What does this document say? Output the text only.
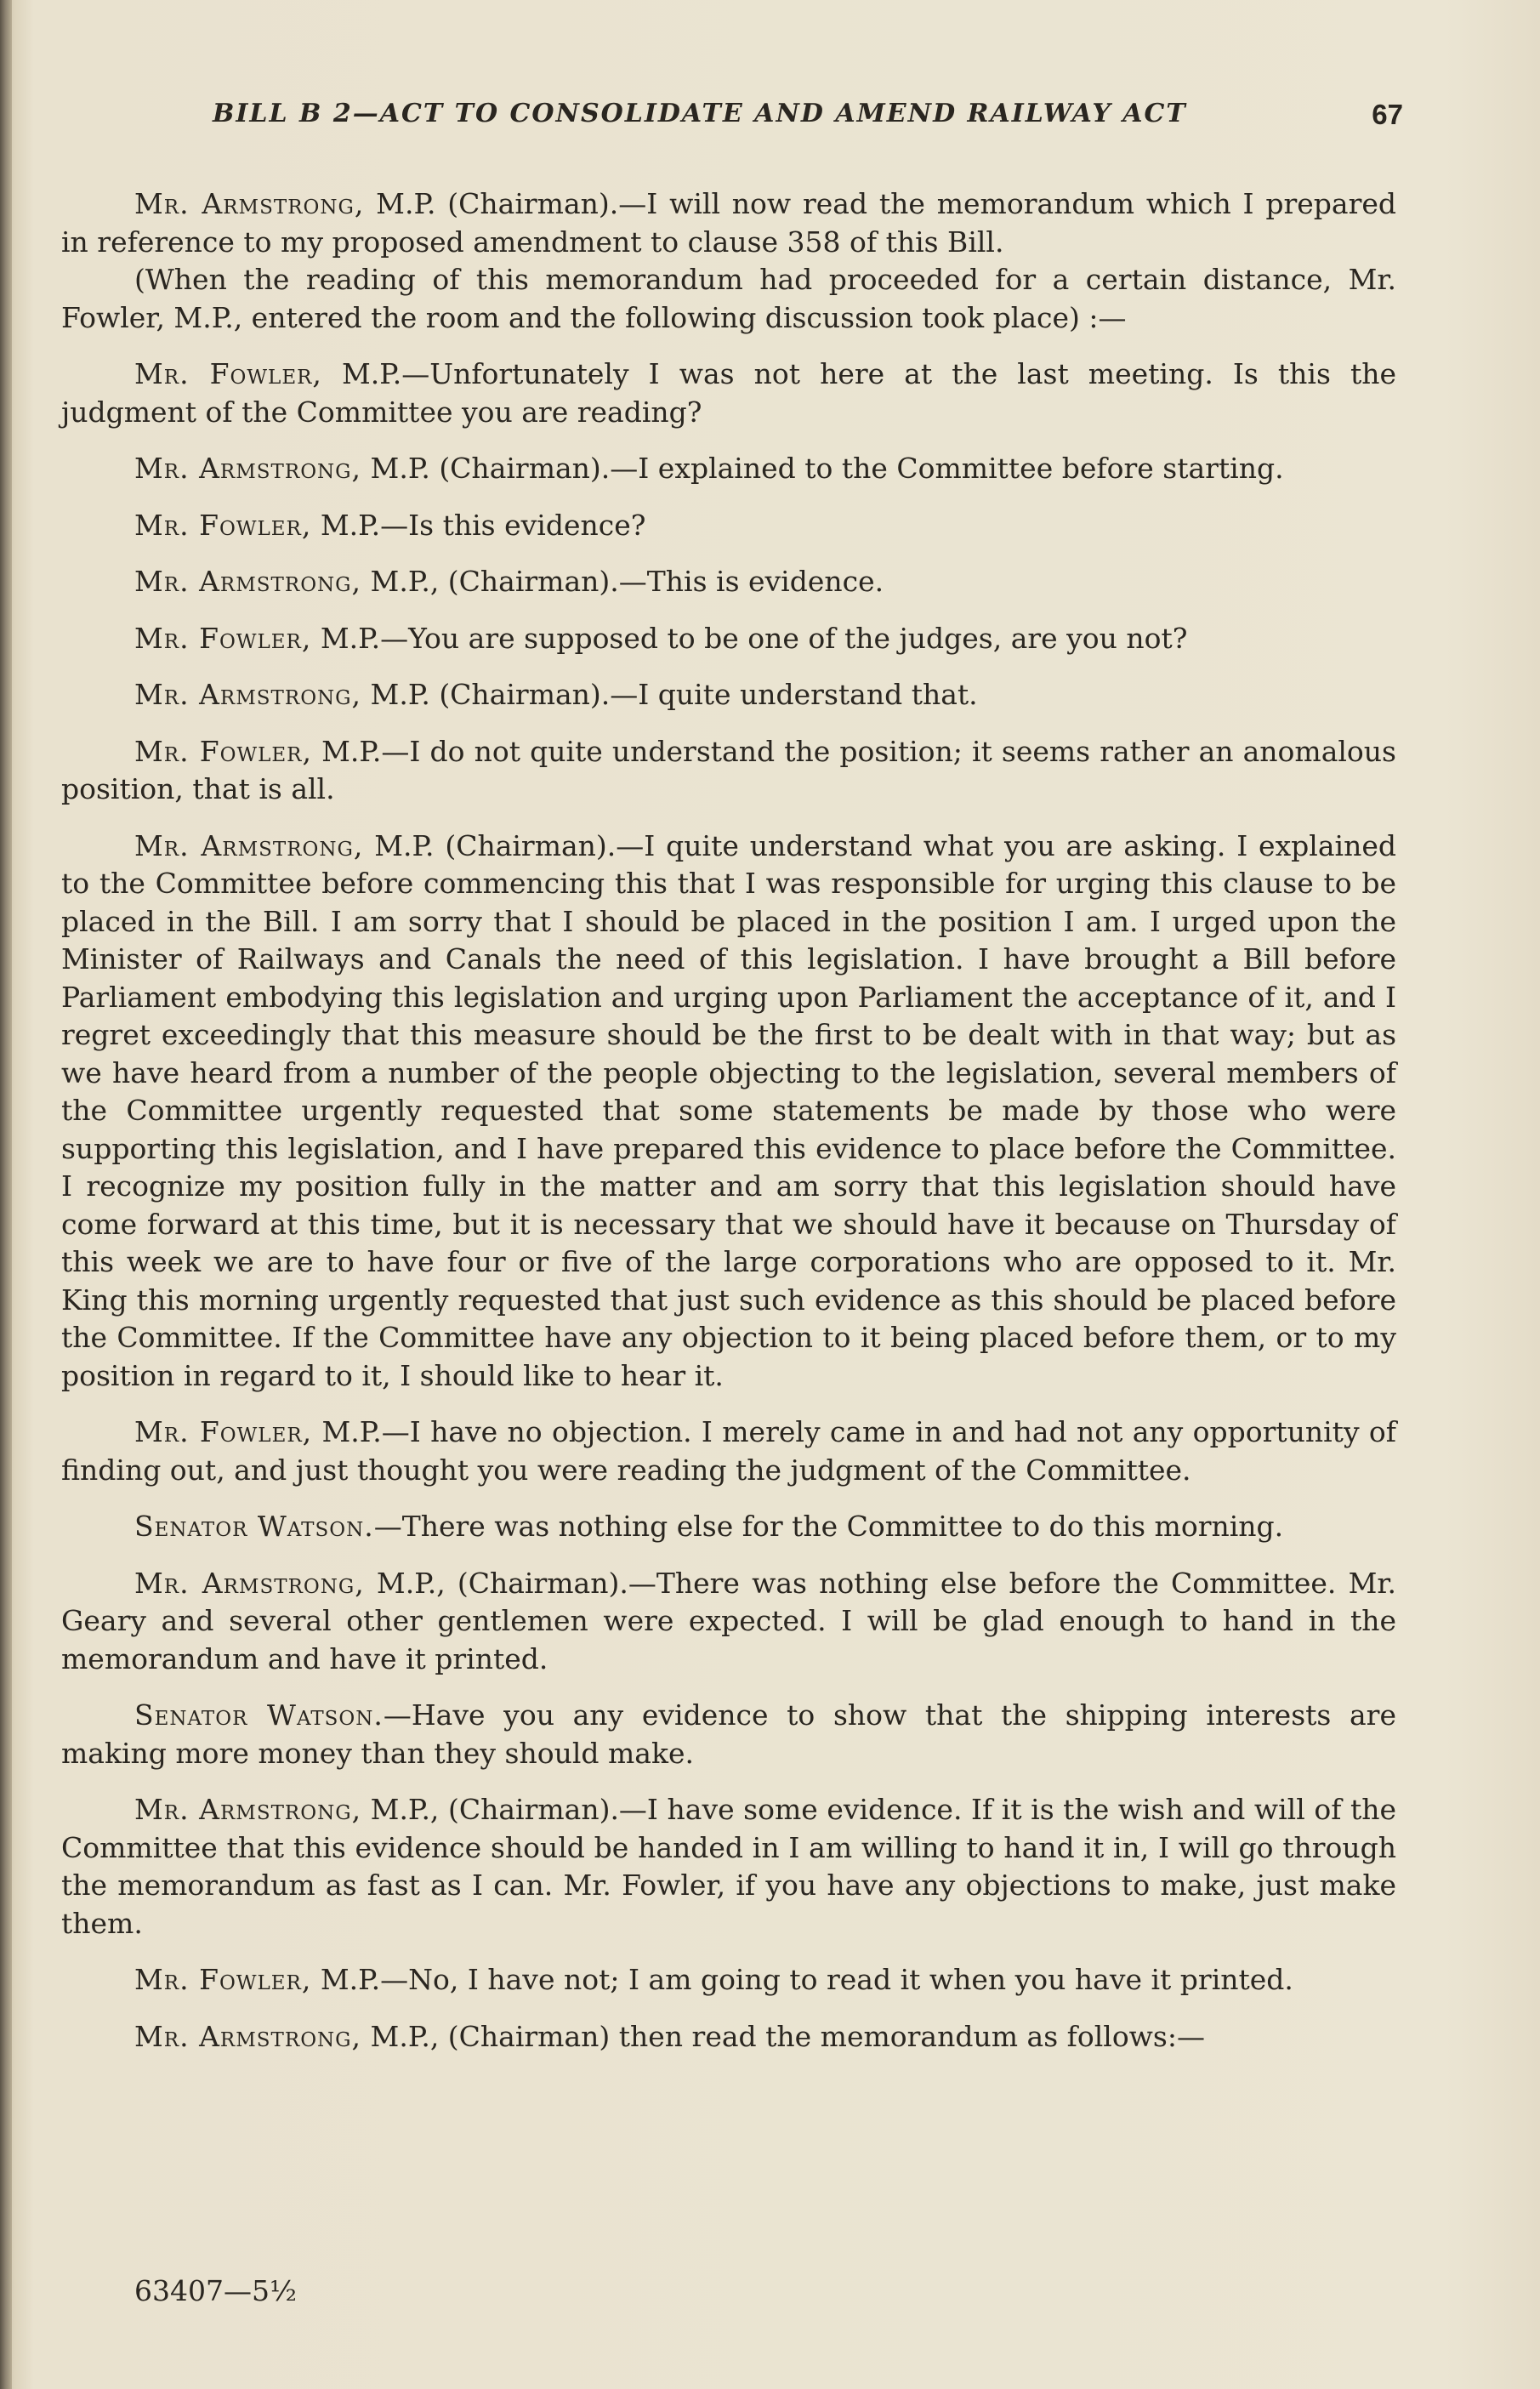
BILL B 2—ACT TO CONSOLIDATE AND AMEND RAILWAY ACT	67

Mr. Armstrong, M.P. (Chairman).—I will now read the memorandum which I prepared in reference to my proposed amendment to clause 358 of this Bill.

(When the reading of this memorandum had proceeded for a certain distance, Mr. Fowler, M.P., entered the room and the following discussion took place) :—

Mr. Fowler, M.P.—Unfortunately I was not here at the last meeting. Is this the judgment of the Committee you are reading?

Mr. Armstrong, M.P. (Chairman).—I explained to the Committee before starting.

Mr. Fowler, M.P.—Is this evidence?

Mr. Armstrong, M.P., (Chairman).—This is evidence.

Mr. Fowler, M.P.—You are supposed to be one of the judges, are you not?

Mr. Armstrong, M.P. (Chairman).—I quite understand that.

Mr. Fowler, M.P.—I do not quite understand the position; it seems rather an anomalous position, that is all.

Mr. Armstrong, M.P. (Chairman).—I quite understand what you are asking. I explained to the Committee before commencing this that I was responsible for urging this clause to be placed in the Bill. I am sorry that I should be placed in the position I am. I urged upon the Minister of Railways and Canals the need of this legislation. I have brought a Bill before Parliament embodying this legislation and urging upon Parliament the acceptance of it, and I regret exceedingly that this measure should be the first to be dealt with in that way; but as we have heard from a number of the people objecting to the legislation, several members of the Committee urgently requested that some statements be made by those who were supporting this legislation, and I have prepared this evidence to place before the Committee. I recognize my position fully in the matter and am sorry that this legislation should have come forward at this time, but it is necessary that we should have it because on Thursday of this week we are to have four or five of the large corporations who are opposed to it. Mr. King this morning urgently requested that just such evidence as this should be placed before the Committee. If the Committee have any objection to it being placed before them, or to my position in regard to it, I should like to hear it.

Mr. Fowler, M.P.—I have no objection. I merely came in and had not any opportunity of finding out, and just thought you were reading the judgment of the Committee.

Senator Watson.—There was nothing else for the Committee to do this morning.

Mr. Armstrong, M.P., (Chairman).—There was nothing else before the Committee. Mr. Geary and several other gentlemen were expected. I will be glad enough to hand in the memorandum and have it printed.

Senator Watson.—Have you any evidence to show that the shipping interests are making more money than they should make.

Mr. Armstrong, M.P., (Chairman).—I have some evidence. If it is the wish and will of the Committee that this evidence should be handed in I am willing to hand it in, I will go through the memorandum as fast as I can. Mr. Fowler, if you have any objections to make, just make them.

Mr. Fowler, M.P.—No, I have not; I am going to read it when you have it printed.

Mr. Armstrong, M.P., (Chairman) then read the memorandum as follows:—

63407—5½
